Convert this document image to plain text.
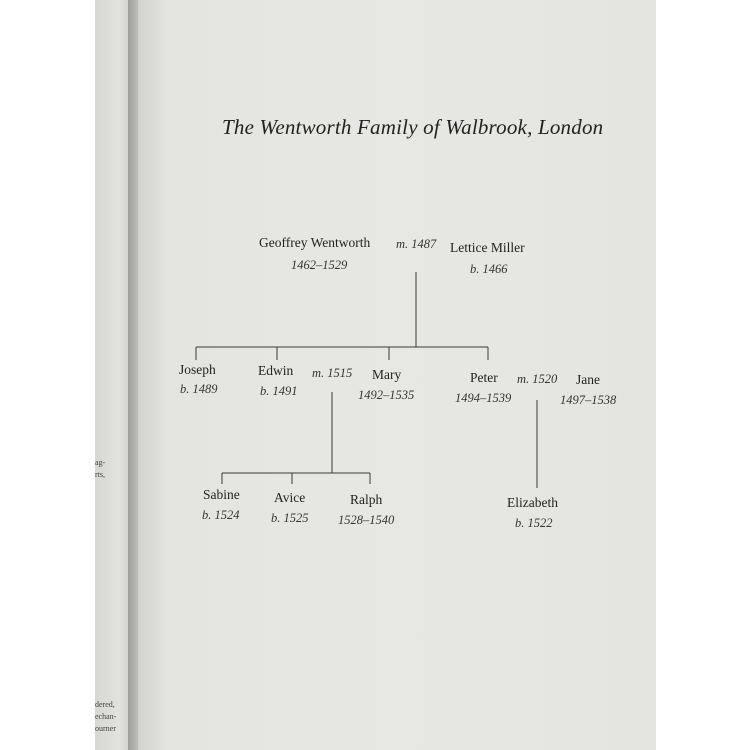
ag-
rts,
dered,
echan-
ourner
The Wentworth Family of Walbrook, London
Geoffrey Wentworth
1462–1529
m. 1487 Lettice Miller
b. 1466
Joseph
b. 1489
Edwin
b. 1491
m. 1515 Mary
1492–1535
Peter
1494–1539
m. 1520 Jane
1497–1538
Sabine
b. 1524
Avice
b. 1525
Ralph
1528–1540
Elizabeth
b. 1522
